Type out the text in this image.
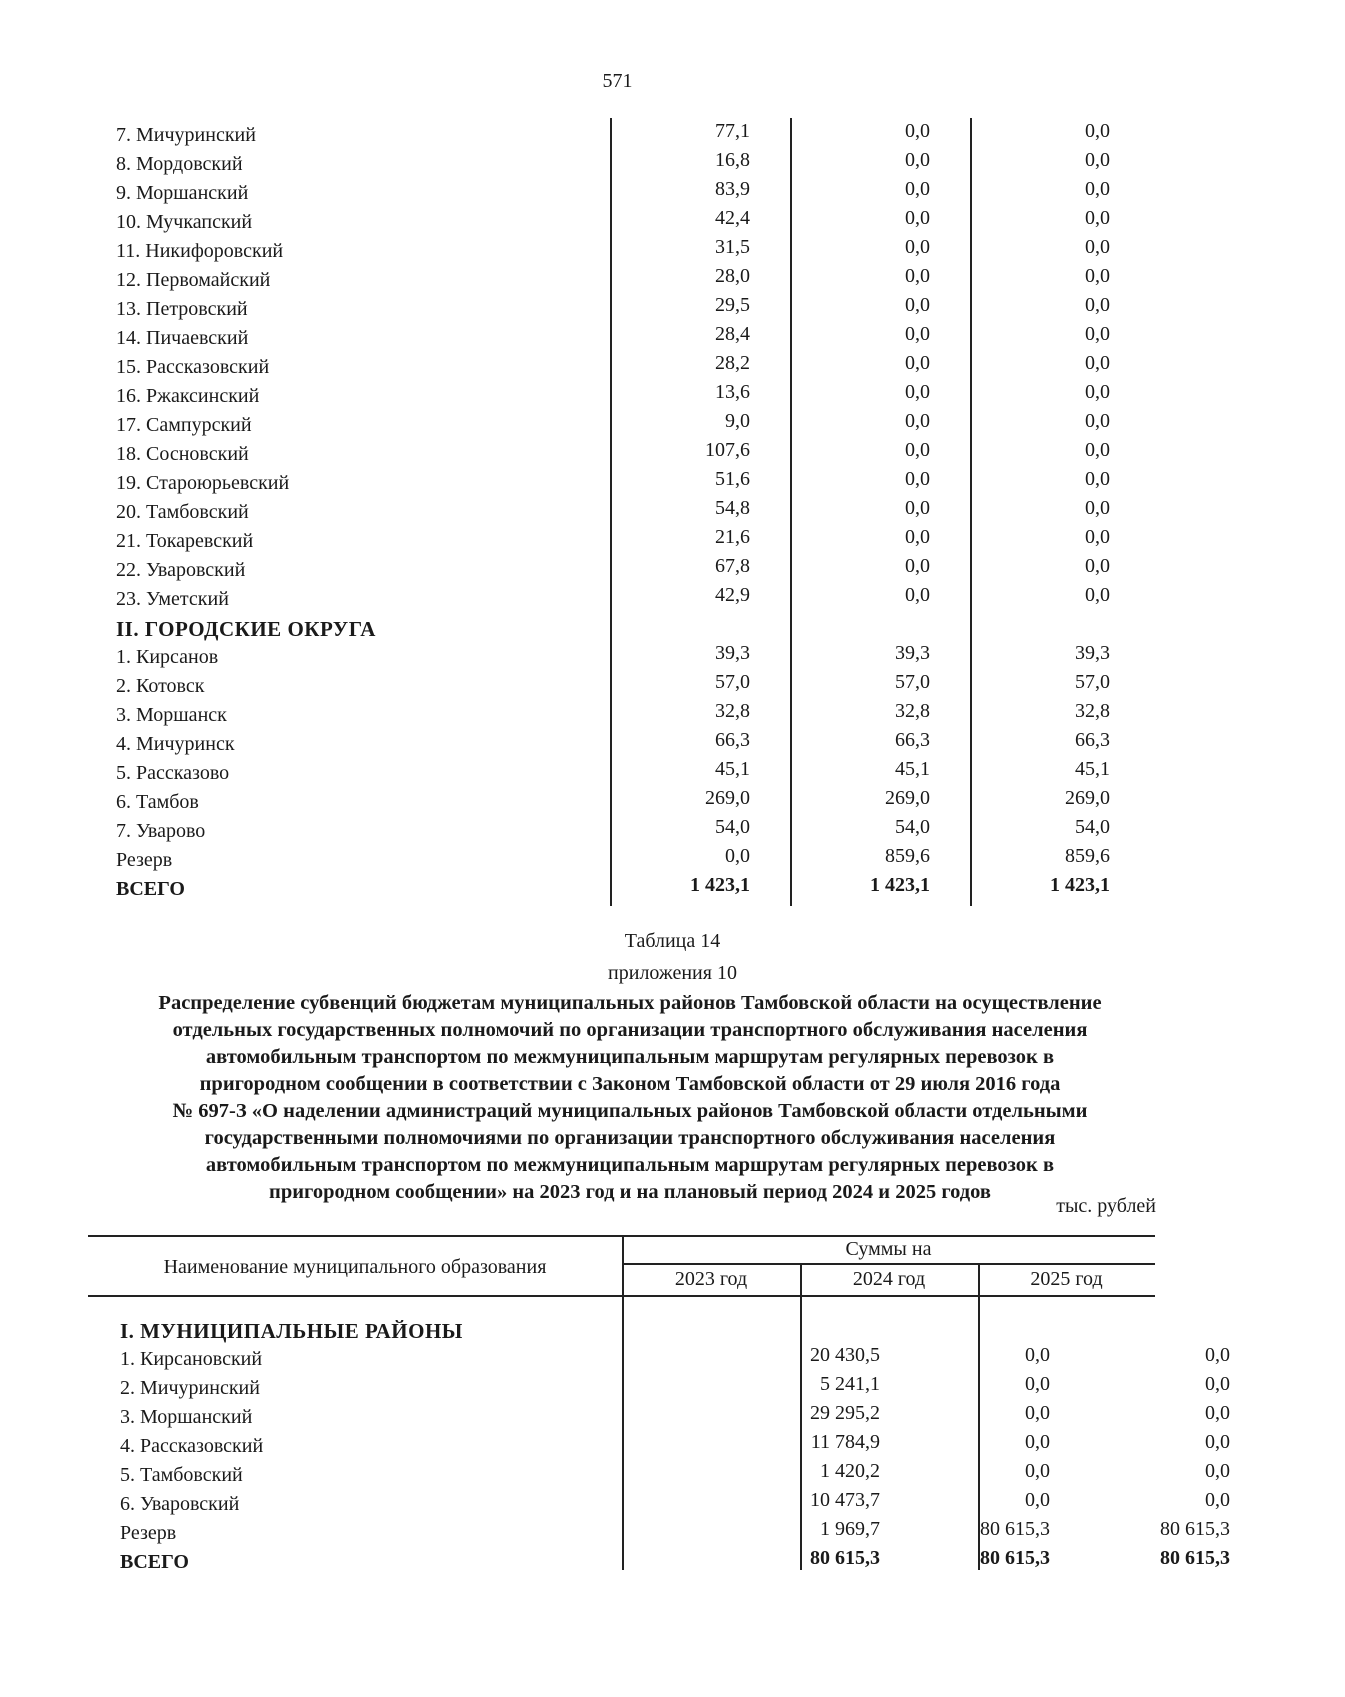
571
7. Мичуринский	77,1	0,0	0,0
8. Мордовский	16,8	0,0	0,0
9. Моршанский	83,9	0,0	0,0
10. Мучкапский	42,4	0,0	0,0
11. Никифоровский	31,5	0,0	0,0
12. Первомайский	28,0	0,0	0,0
13. Петровский	29,5	0,0	0,0
14. Пичаевский	28,4	0,0	0,0
15. Рассказовский	28,2	0,0	0,0
16. Ржаксинский	13,6	0,0	0,0
17. Сампурский	9,0	0,0	0,0
18. Сосновский	107,6	0,0	0,0
19. Староюрьевский	51,6	0,0	0,0
20. Тамбовский	54,8	0,0	0,0
21. Токаревский	21,6	0,0	0,0
22. Уваровский	67,8	0,0	0,0
23. Уметский	42,9	0,0	0,0
II. ГОРОДСКИЕ ОКРУГА
1. Кирсанов	39,3	39,3	39,3
2. Котовск	57,0	57,0	57,0
3. Моршанск	32,8	32,8	32,8
4. Мичуринск	66,3	66,3	66,3
5. Рассказово	45,1	45,1	45,1
6. Тамбов	269,0	269,0	269,0
7. Уварово	54,0	54,0	54,0
Резерв	0,0	859,6	859,6
ВСЕГО	1 423,1	1 423,1	1 423,1
Таблица 14
приложения 10
Распределение субвенций бюджетам муниципальных районов Тамбовской области на осуществление
отдельных государственных полномочий по организации транспортного обслуживания населения
автомобильным транспортом по межмуниципальным маршрутам регулярных перевозок в
пригородном сообщении в соответствии с Законом Тамбовской области от 29 июля 2016 года
№ 697-З «О наделении администраций муниципальных районов Тамбовской области отдельными
государственными полномочиями по организации транспортного обслуживания населения
автомобильным транспортом по межмуниципальным маршрутам регулярных перевозок в
пригородном сообщении» на 2023 год и на плановый период 2024 и 2025 годов
тыс. рублей
Наименование муниципального образования
Суммы на
2023 год	2024 год	2025 год
I. МУНИЦИПАЛЬНЫЕ РАЙОНЫ
1. Кирсановский	20 430,5	0,0	0,0
2. Мичуринский	5 241,1	0,0	0,0
3. Моршанский	29 295,2	0,0	0,0
4. Рассказовский	11 784,9	0,0	0,0
5. Тамбовский	1 420,2	0,0	0,0
6. Уваровский	10 473,7	0,0	0,0
Резерв	1 969,7	80 615,3	80 615,3
ВСЕГО	80 615,3	80 615,3	80 615,3
